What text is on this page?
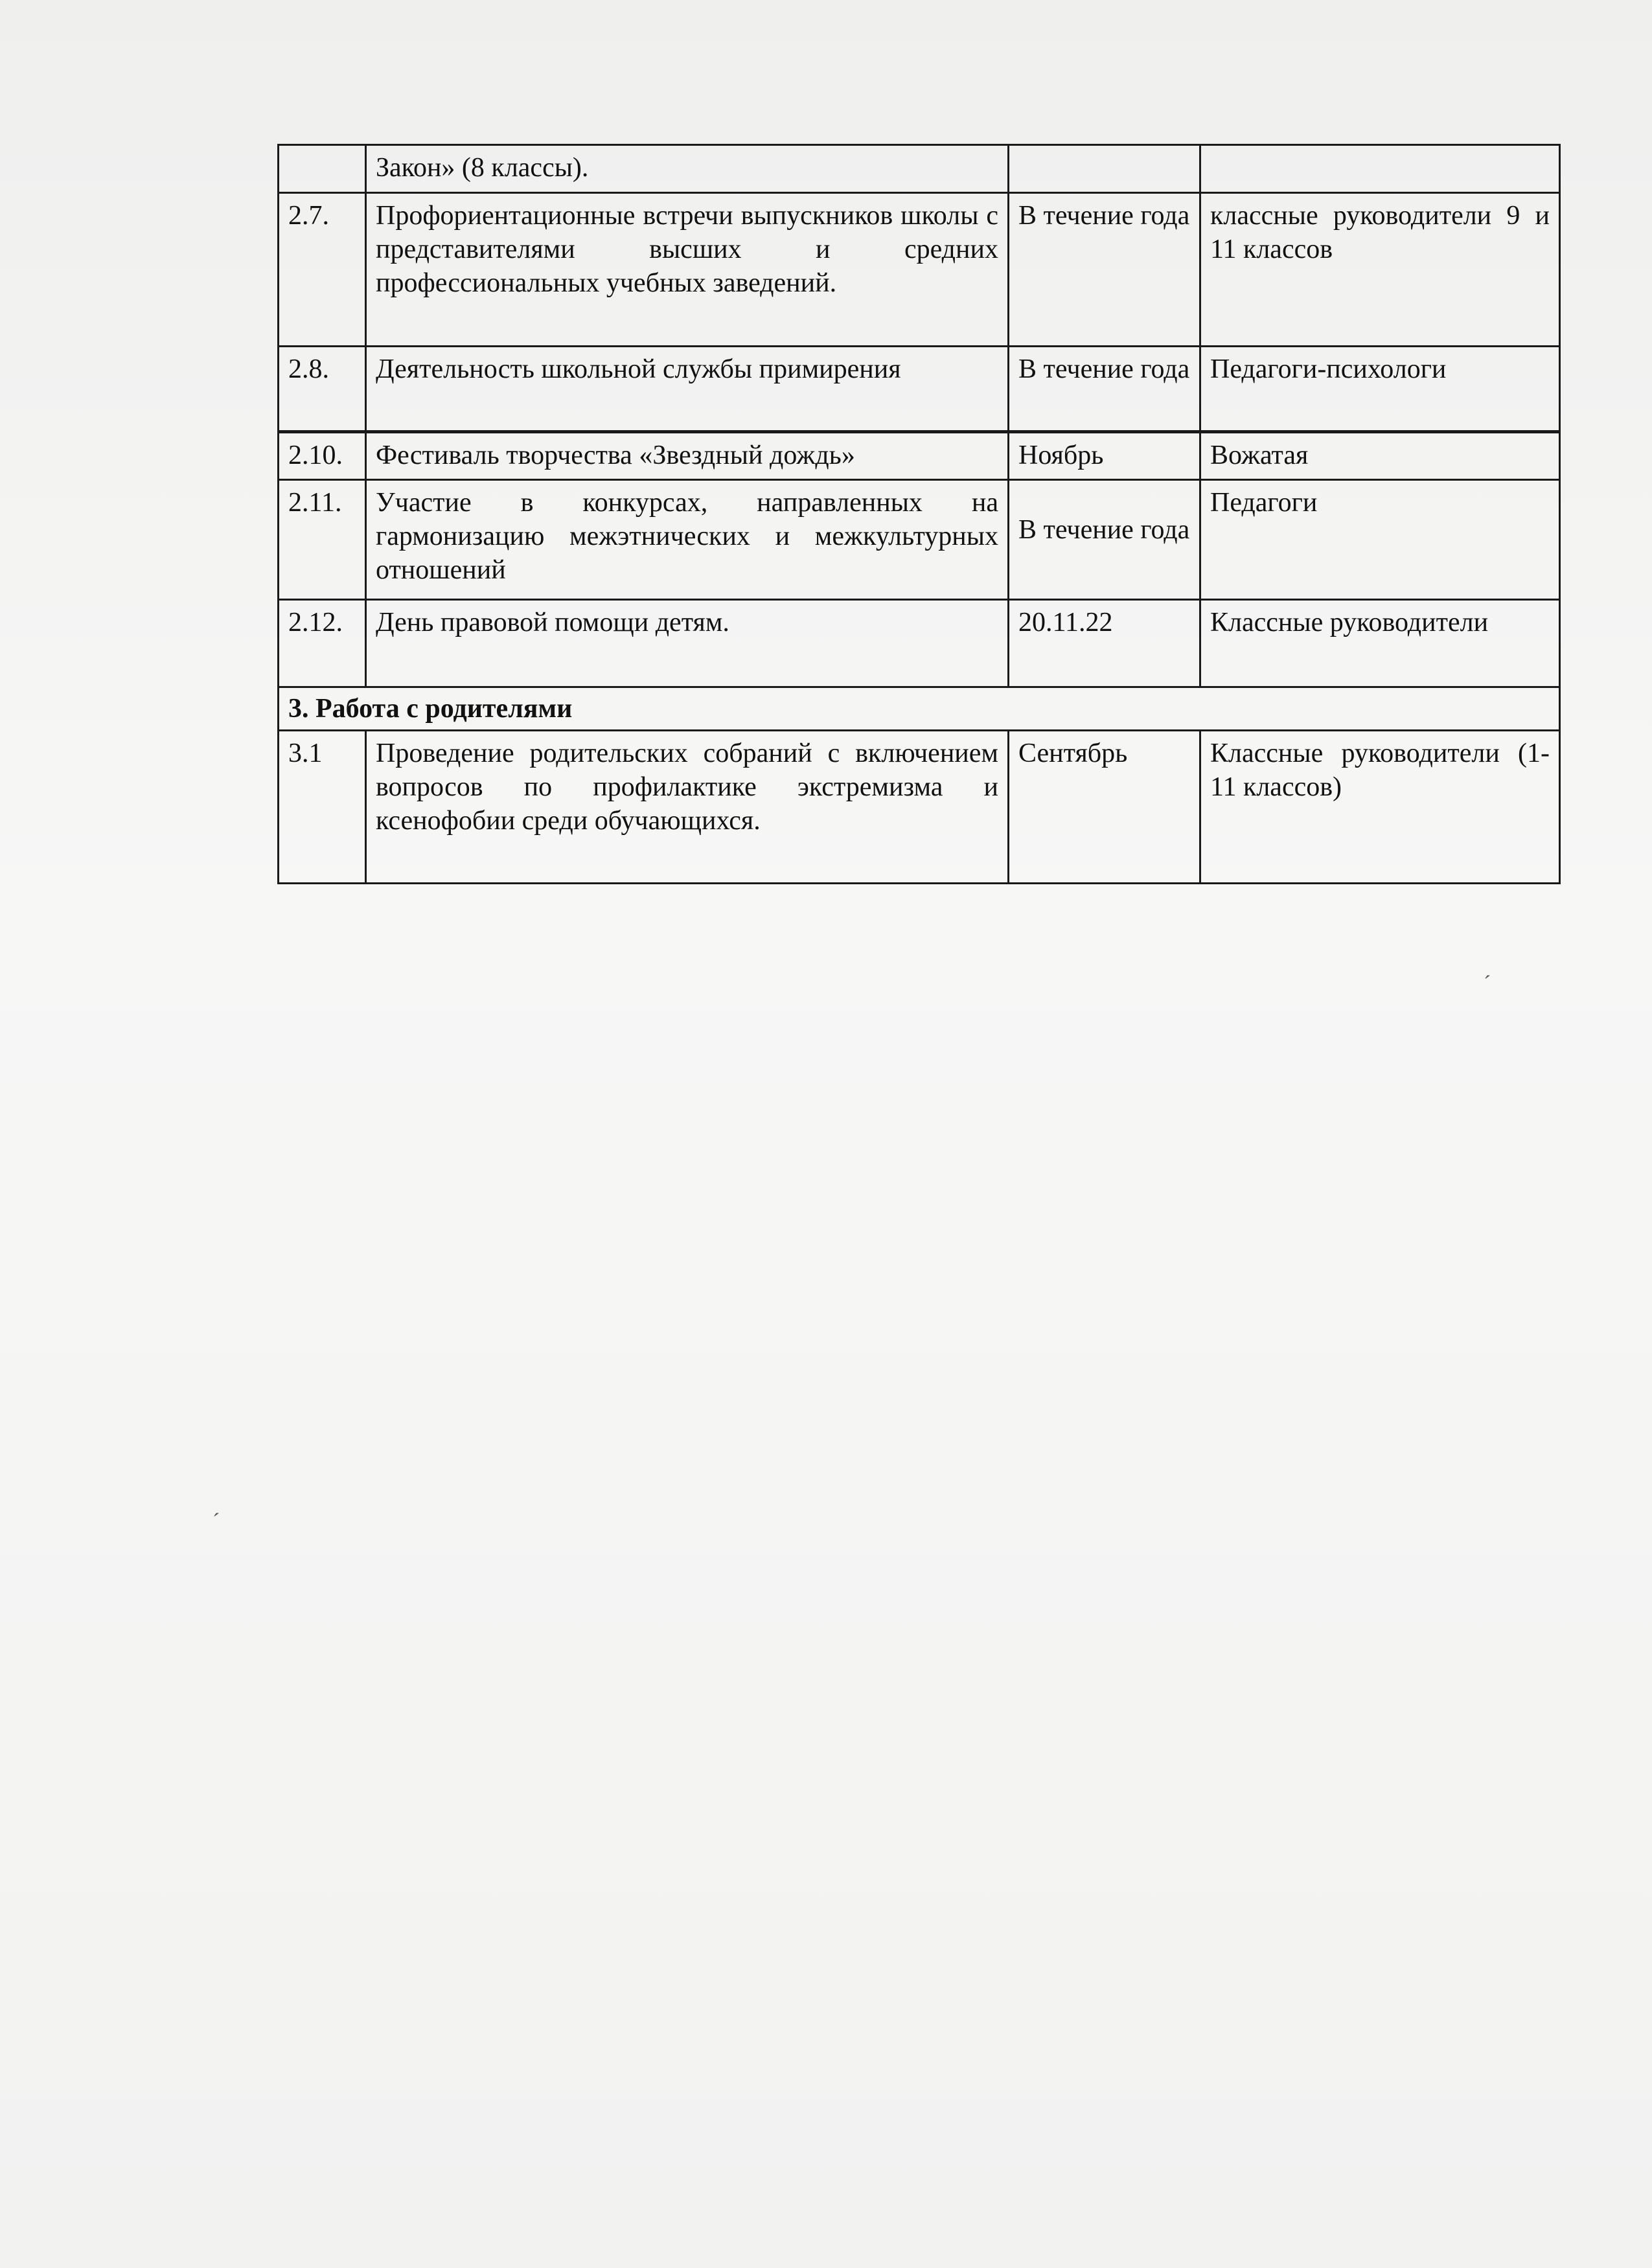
	Закон» (8 классы).		
2.7.	Профориентационные встречи выпускников школы с представителями высших и средних профессиональных учебных заведений.	В течение года	классные руководители 9 и 11 классов
2.8.	Деятельность школьной службы примирения	В течение года	Педагоги-психологи
2.10.	Фестиваль творчества «Звездный дождь»	Ноябрь	Вожатая
2.11.	Участие в конкурсах, направленных на гармонизацию межэтнических и межкультурных отношений	В течение года	Педагоги
2.12.	День правовой помощи детям.	20.11.22	Классные руководители
3. Работа с родителями			
3.1	Проведение родительских собраний с включением вопросов по профилактике экстремизма и ксенофобии среди обучающихся.	Сентябрь	Классные руководители (1-11 классов)
ˊ
ˊ
